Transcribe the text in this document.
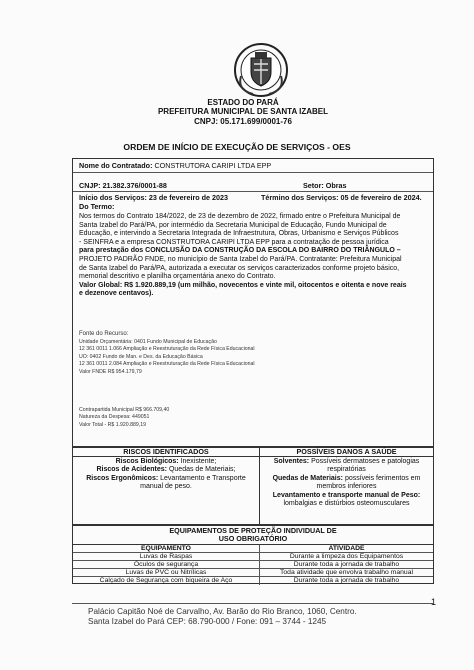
ESTADO DO PARÁ
PREFEITURA MUNICIPAL DE SANTA IZABEL
CNPJ: 05.171.699/0001-76
ORDEM DE INÍCIO DE EXECUÇÃO DE SERVIÇOS - OES
Nome do Contratado: CONSTRUTORA CARIPI LTDA EPP
CNJP: 21.382.376/0001-88	Setor: Obras
Início dos Serviços: 23 de fevereiro de 2023	Término dos Serviços: 05 de fevereiro de 2024.
Do Termo:
Nos termos do Contrato 184/2022, de 23 de dezembro de 2022, firmado entre o Prefeitura Municipal de
Santa Izabel do Pará/PA, por intermédio da Secretaria Municipal de Educação, Fundo Municipal de
Educação, e intervindo a Secretaria Integrada de Infraestrutura, Obras, Urbanismo e Serviços Públicos
- SEINFRA e a empresa CONSTRUTORA CARIPI LTDA EPP para a contratação de pessoa jurídica
para prestação dos CONCLUSÃO DA CONSTRUÇÃO DA ESCOLA DO BAIRRO DO TRIÂNGULO –
PROJETO PADRÃO FNDE, no município de Santa Izabel do Pará/PA. Contratante: Prefeitura Municipal
de Santa Izabel do Pará/PA, autorizada a executar os serviços caracterizados conforme projeto básico,
memorial descritivo e planilha orçamentária anexo do Contrato.
Valor Global: R$ 1.920.889,19 (um milhão, novecentos e vinte mil, oitocentos e oitenta e nove reais
e dezenove centavos).
Fonte do Recurso:
Unidade Orçamentária: 0401 Fundo Municipal de Educação
12 361 0011 1.066 Ampliação e Reestruturação da Rede Física Educacional
UO: 0402 Fundo de Man. e Des. da Educação Básica
12 361 0011 2.084 Ampliação e Reestruturação da Rede Física Educacional
Valor FNDE R$ 954.179,79
Contrapartida Municipal R$ 966.709,40
Natureza da Despesa: 449051
Valor Total - R$ 1.920.889,19
RISCOS IDENTIFICADOS
Riscos Biológicos: Inexistente;
Riscos de Acidentes: Quedas de Materiais;
Riscos Ergonômicos: Levantamento e Transporte manual de peso.
POSSÍVEIS DANOS A SAÚDE
Solventes: Possíveis dermatoses e patologias respiratórias
Quedas de Materiais: possíveis ferimentos em membros inferiores
Levantamento e transporte manual de Peso: lombalgias e distúrbios osteomusculares
EQUIPAMENTOS DE PROTEÇÃO INDIVIDUAL DE
USO OBRIGATÓRIO
EQUIPAMENTO	ATIVIDADE
Luvas de Raspas	Durante a limpeza dos Equipamentos
Óculos de segurança	Durante toda a jornada de trabalho
Luvas de PVC ou Nitrílicas	Toda atividade que envolva trabalho manual
Calçado de Segurança com biqueira de Aço	Durante toda a jornada de trabalho
1
Palácio Capitão Noé de Carvalho, Av. Barão do Rio Branco, 1060, Centro.
Santa Izabel do Pará CEP: 68.790-000 / Fone: 091 – 3744 - 1245
